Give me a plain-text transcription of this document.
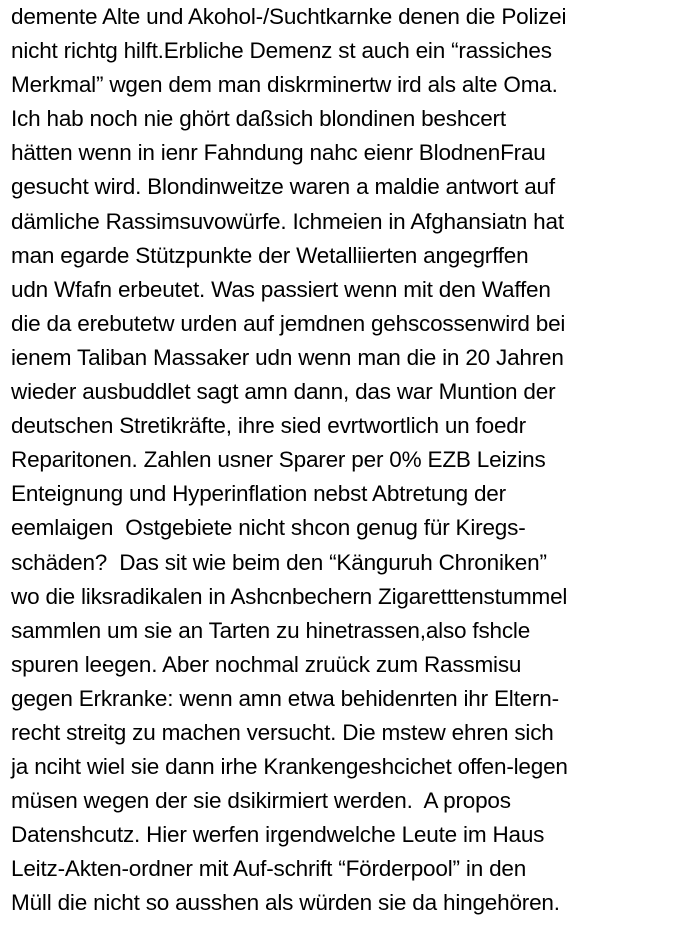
demente Alte und Akohol-/Suchtkarnke denen die Polizei
nicht richtg hilft.Erbliche Demenz st auch ein “rassiches
Merkmal” wgen dem man diskrminertw ird als alte Oma.
Ich hab noch nie ghört daßsich blondinen beshcert
hätten wenn in ienr Fahndung nahc eienr BlodnenFrau
gesucht wird. Blondinweitze waren a maldie antwort auf
dämliche Rassimsuvowürfe. Ichmeien in Afghansiatn hat
man egarde Stützpunkte der Wetalliierten angegrffen
udn Wfafn erbeutet. Was passiert wenn mit den Waffen
die da erebutetw urden auf jemdnen gehscossenwird bei
ienem Taliban Massaker udn wenn man die in 20 Jahren
wieder ausbuddlet sagt amn dann, das war Muntion der
deutschen Stretikräfte, ihre sied evrtwortlich un foedr
Reparitonen. Zahlen usner Sparer per 0% EZB Leizins
Enteignung und Hyperinflation nebst Abtretung der
eemlaigen  Ostgebiete nicht shcon genug für Kiregs-
schäden?  Das sit wie beim den “Känguruh Chroniken”
wo die liksradikalen in Ashcnbechern Zigaretttenstummel
sammlen um sie an Tarten zu hinetrassen,also fshcle
spuren leegen. Aber nochmal zruück zum Rassmisu
gegen Erkranke: wenn amn etwa behidenrten ihr Eltern-
recht streitg zu machen versucht. Die mstew ehren sich
ja nciht wiel sie dann irhe Krankengeshcichet offen-legen
müsen wegen der sie dsikirmiert werden.  A propos
Datenshcutz. Hier werfen irgendwelche Leute im Haus
Leitz-Akten-ordner mit Auf-schrift “Förderpool” in den
Müll die nicht so ausshen als würden sie da hingehören.
